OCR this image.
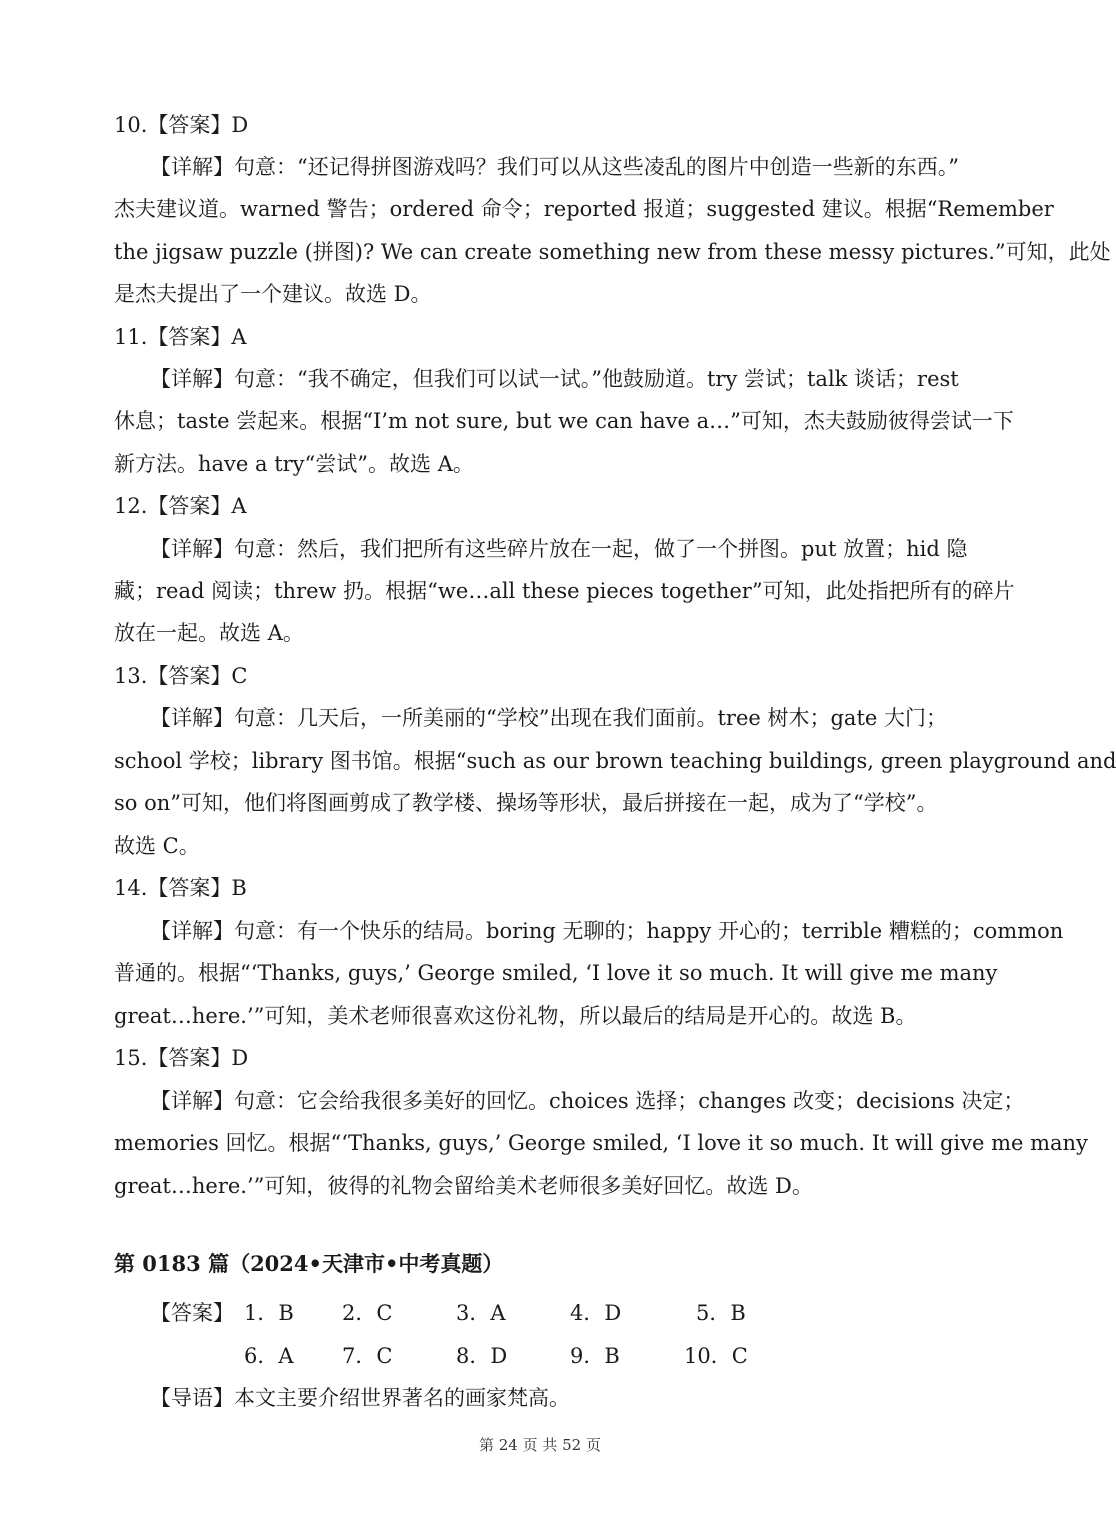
10.【答案】D
【详解】句意：“还记得拼图游戏吗？我们可以从这些凌乱的图片中创造一些新的东西。”
杰夫建议道。warned 警告；ordered 命令；reported 报道；suggested 建议。根据“Remember
the jigsaw puzzle (拼图)? We can create something new from these messy pictures.”可知，此处
是杰夫提出了一个建议。故选 D。
11.【答案】A
【详解】句意：“我不确定，但我们可以试一试。”他鼓励道。try 尝试；talk 谈话；rest
休息；taste 尝起来。根据“I’m not sure, but we can have a…”可知，杰夫鼓励彼得尝试一下
新方法。have a try“尝试”。故选 A。
12.【答案】A
【详解】句意：然后，我们把所有这些碎片放在一起，做了一个拼图。put 放置；hid 隐
藏；read 阅读；threw 扔。根据“we…all these pieces together”可知，此处指把所有的碎片
放在一起。故选 A。
13.【答案】C
【详解】句意：几天后，一所美丽的“学校”出现在我们面前。tree 树木；gate 大门；
school 学校；library 图书馆。根据“such as our brown teaching buildings, green playground and
so on”可知，他们将图画剪成了教学楼、操场等形状，最后拼接在一起，成为了“学校”。
故选 C。
14.【答案】B
【详解】句意：有一个快乐的结局。boring 无聊的；happy 开心的；terrible 糟糕的；common
普通的。根据“‘Thanks, guys,’ George smiled, ‘I love it so much. It will give me many
great…here.’”可知，美术老师很喜欢这份礼物，所以最后的结局是开心的。故选 B。
15.【答案】D
【详解】句意：它会给我很多美好的回忆。choices 选择；changes 改变；decisions 决定；
memories 回忆。根据“‘Thanks, guys,’ George smiled, ‘I love it so much. It will give me many
great…here.’”可知，彼得的礼物会留给美术老师很多美好回忆。故选 D。
第 0183 篇（2024•天津市•中考真题）
【答案】 1．B 2．C	3．A	4．D	5．B
6．A 7．C	8．D	9．B	10．C
【导语】本文主要介绍世界著名的画家梵高。
第 24 页 共 52 页
